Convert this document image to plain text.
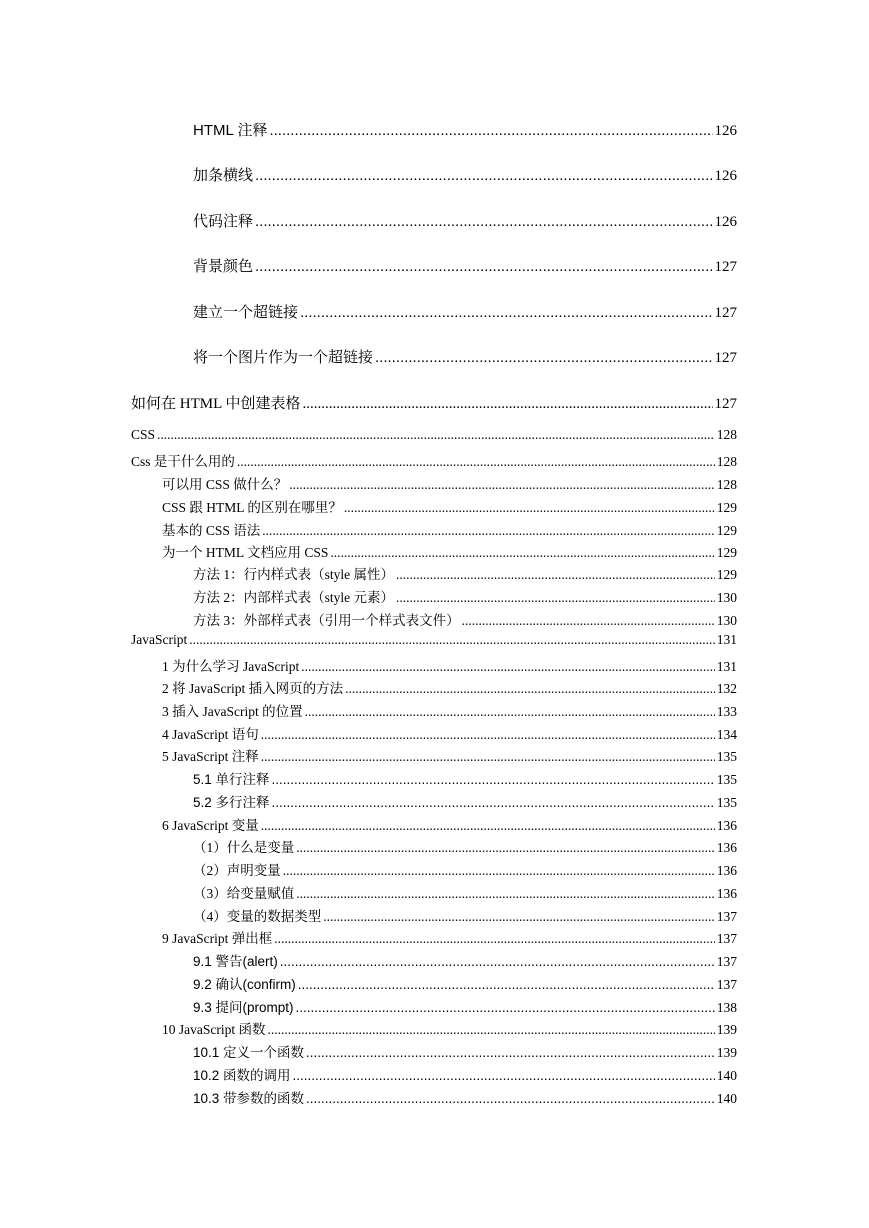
HTML 注释 .....	126
加条横线 .....	126
代码注释 .....	126
背景颜色 .....	127
建立一个超链接 .....	127
将一个图片作为一个超链接 .....	127
如何在 HTML 中创建表格 .....	127
CSS .....	128
Css 是干什么用的 .....	128
可以用 CSS 做什么？ .....	128
CSS 跟 HTML 的区别在哪里？ .....	129
基本的 CSS 语法 .....	129
为一个 HTML 文档应用 CSS .....	129
方法 1：行内样式表（style 属性） .....	129
方法 2：内部样式表（style 元素） .....	130
方法 3：外部样式表（引用一个样式表文件） .....	130
JavaScript .....	131
1 为什么学习 JavaScript .....	131
2 将 JavaScript 插入网页的方法 .....	132
3 插入 JavaScript 的位置 .....	133
4 JavaScript 语句 .....	134
5 JavaScript 注释 .....	135
5.1 单行注释 .....	135
5.2 多行注释 .....	135
6 JavaScript 变量 .....	136
（1）什么是变量 .....	136
（2）声明变量 .....	136
（3）给变量赋值 .....	136
（4）变量的数据类型 .....	137
9 JavaScript 弹出框 .....	137
9.1 警告(alert) .....	137
9.2 确认(confirm) .....	137
9.3 提问(prompt) .....	138
10 JavaScript 函数 .....	139
10.1 定义一个函数 .....	139
10.2 函数的调用 .....	140
10.3 带参数的函数 .....	140
